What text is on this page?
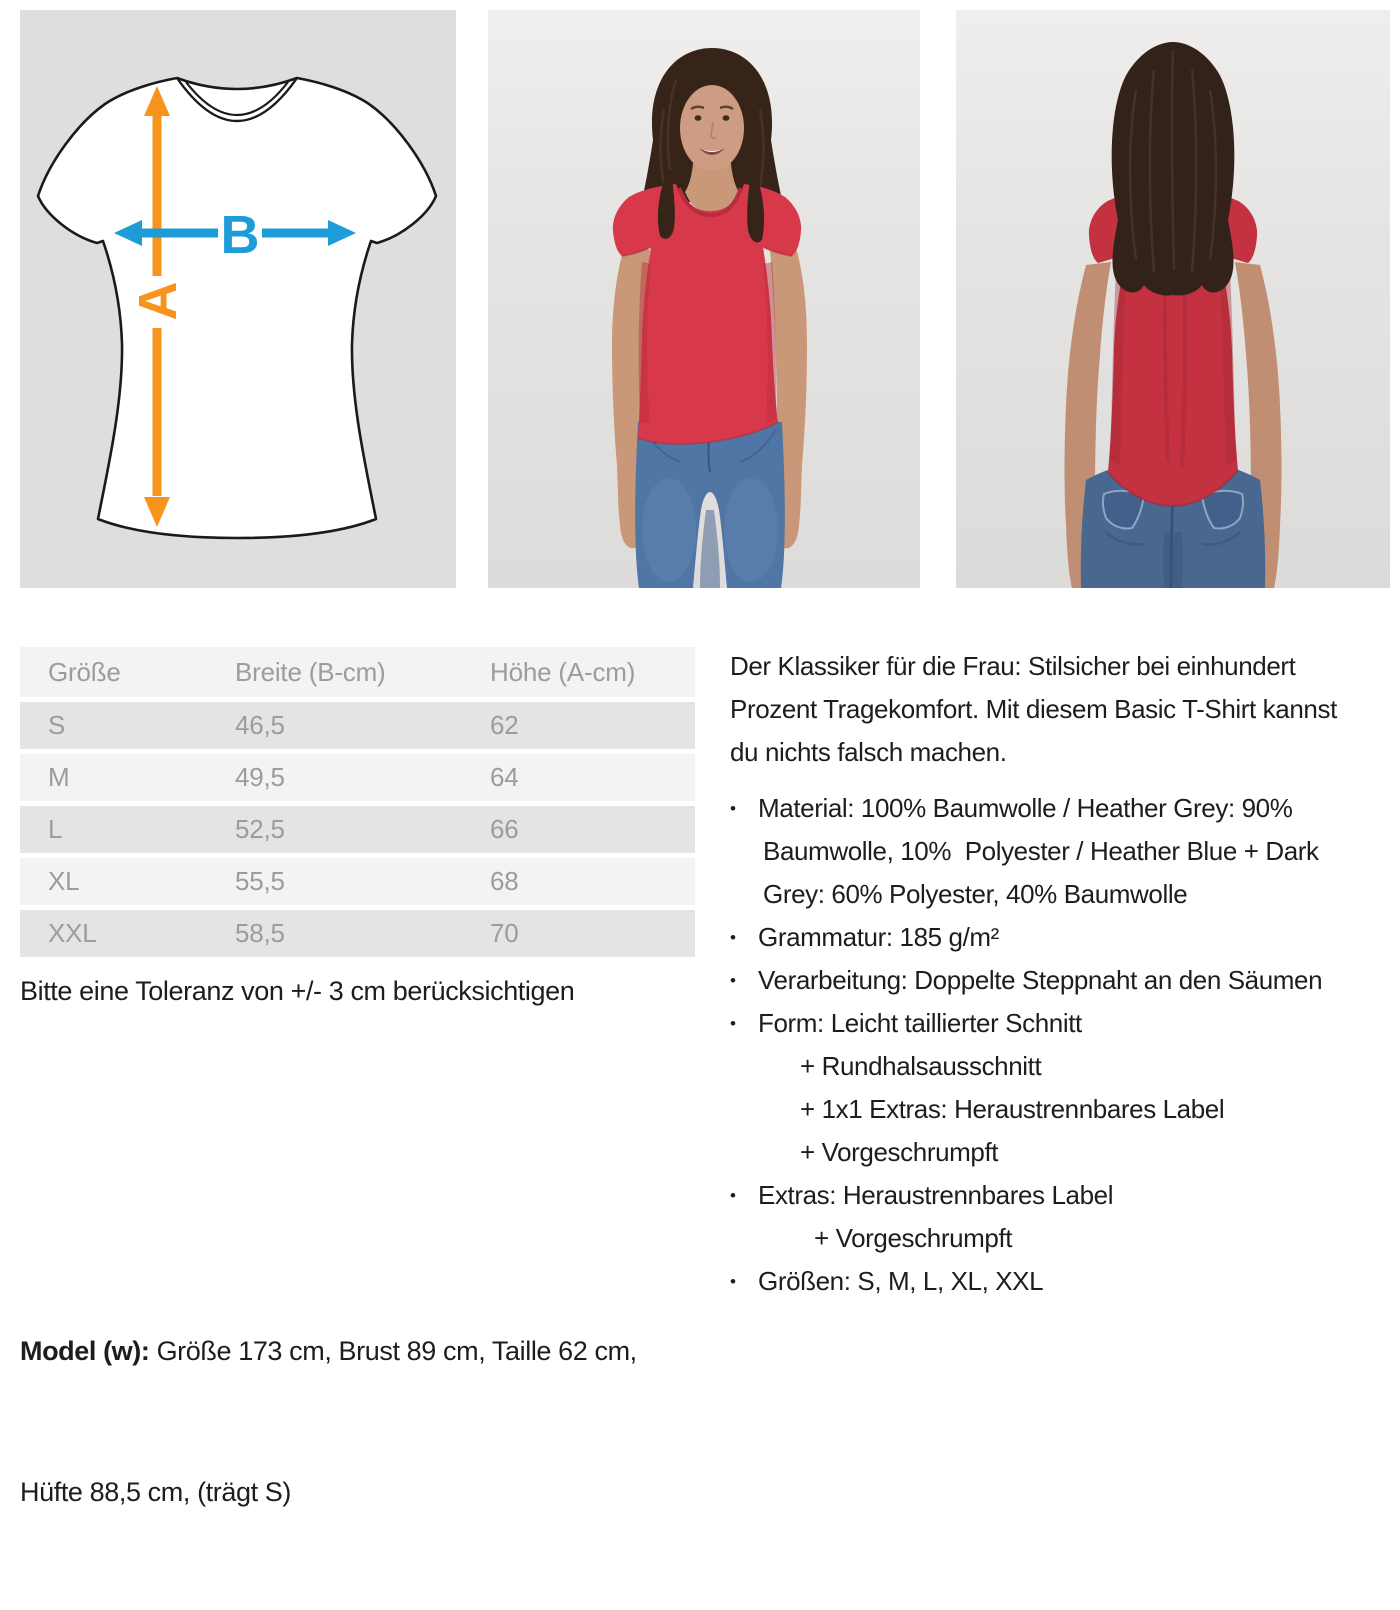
A
B
Größe	Breite (B-cm)	Höhe (A-cm)
S	46,5	62
M	49,5	64
L	52,5	66
XL	55,5	68
XXL	58,5	70
Bitte eine Toleranz von +/- 3 cm berücksichtigen

Model (w): Größe 173 cm, Brust 89 cm, Taille 62 cm,

Hüfte 88,5 cm, (trägt S)

Der Klassiker für die Frau: Stilsicher bei einhundert
Prozent Tragekomfort. Mit diesem Basic T-Shirt kannst
du nichts falsch machen.
• Material: 100% Baumwolle / Heather Grey: 90%
Baumwolle, 10%  Polyester / Heather Blue + Dark
Grey: 60% Polyester, 40% Baumwolle
• Grammatur: 185 g/m²
• Verarbeitung: Doppelte Steppnaht an den Säumen
• Form: Leicht taillierter Schnitt
+ Rundhalsausschnitt
+ 1x1 Extras: Heraustrennbares Label
+ Vorgeschrumpft
• Extras: Heraustrennbares Label
+ Vorgeschrumpft
• Größen: S, M, L, XL, XXL
